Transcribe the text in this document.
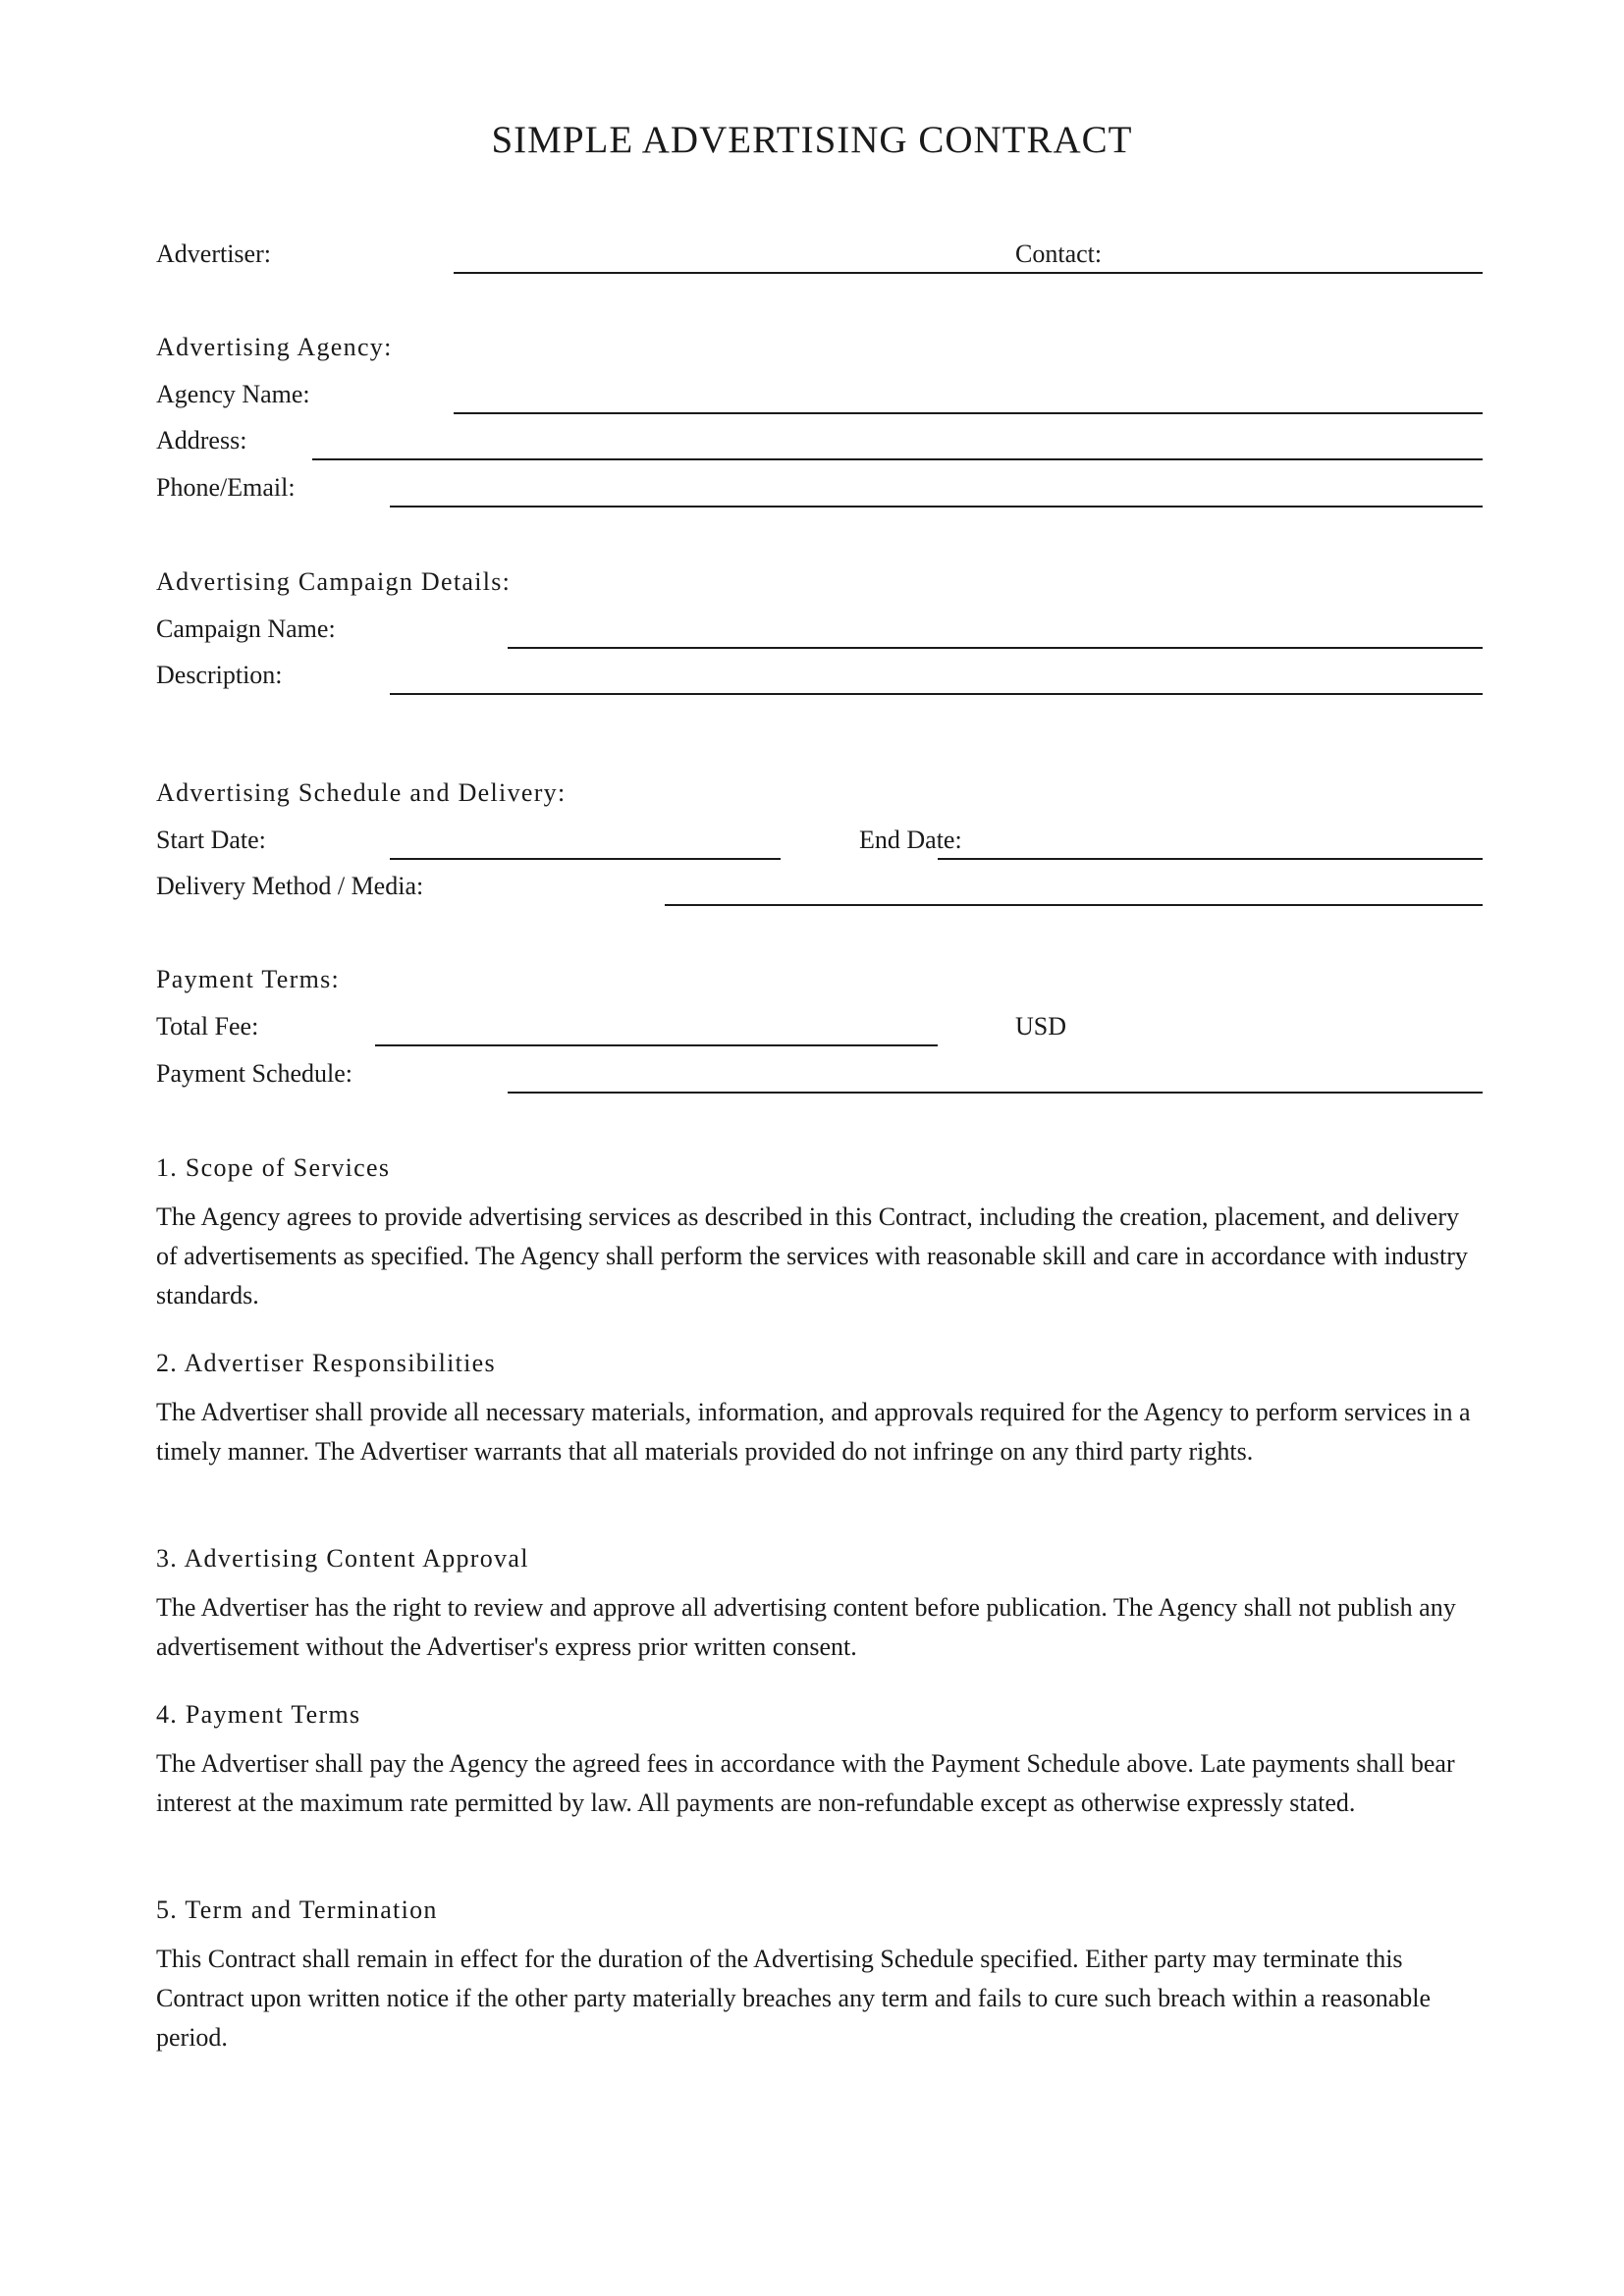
SIMPLE ADVERTISING CONTRACT
Advertiser:	Contact:
Advertising Agency:
Agency Name:
Address:
Phone/Email:
Advertising Campaign Details:
Campaign Name:
Description:
Advertising Schedule and Delivery:
Start Date:	End Date:
Delivery Method / Media:
Payment Terms:
Total Fee:	USD
Payment Schedule:
1. Scope of Services

The Agency agrees to provide advertising services as described in this Contract, including the creation, placement, and delivery of advertisements as specified. The Agency shall perform the services with reasonable skill and care in accordance with industry standards.

2. Advertiser Responsibilities

The Advertiser shall provide all necessary materials, information, and approvals required for the Agency to perform services in a timely manner. The Advertiser warrants that all materials provided do not infringe on any third party rights.

3. Advertising Content Approval

The Advertiser has the right to review and approve all advertising content before publication. The Agency shall not publish any advertisement without the Advertiser's express prior written consent.

4. Payment Terms

The Advertiser shall pay the Agency the agreed fees in accordance with the Payment Schedule above. Late payments shall bear interest at the maximum rate permitted by law. All payments are non-refundable except as otherwise expressly stated.

5. Term and Termination

This Contract shall remain in effect for the duration of the Advertising Schedule specified. Either party may terminate this Contract upon written notice if the other party materially breaches any term and fails to cure such breach within a reasonable period.
